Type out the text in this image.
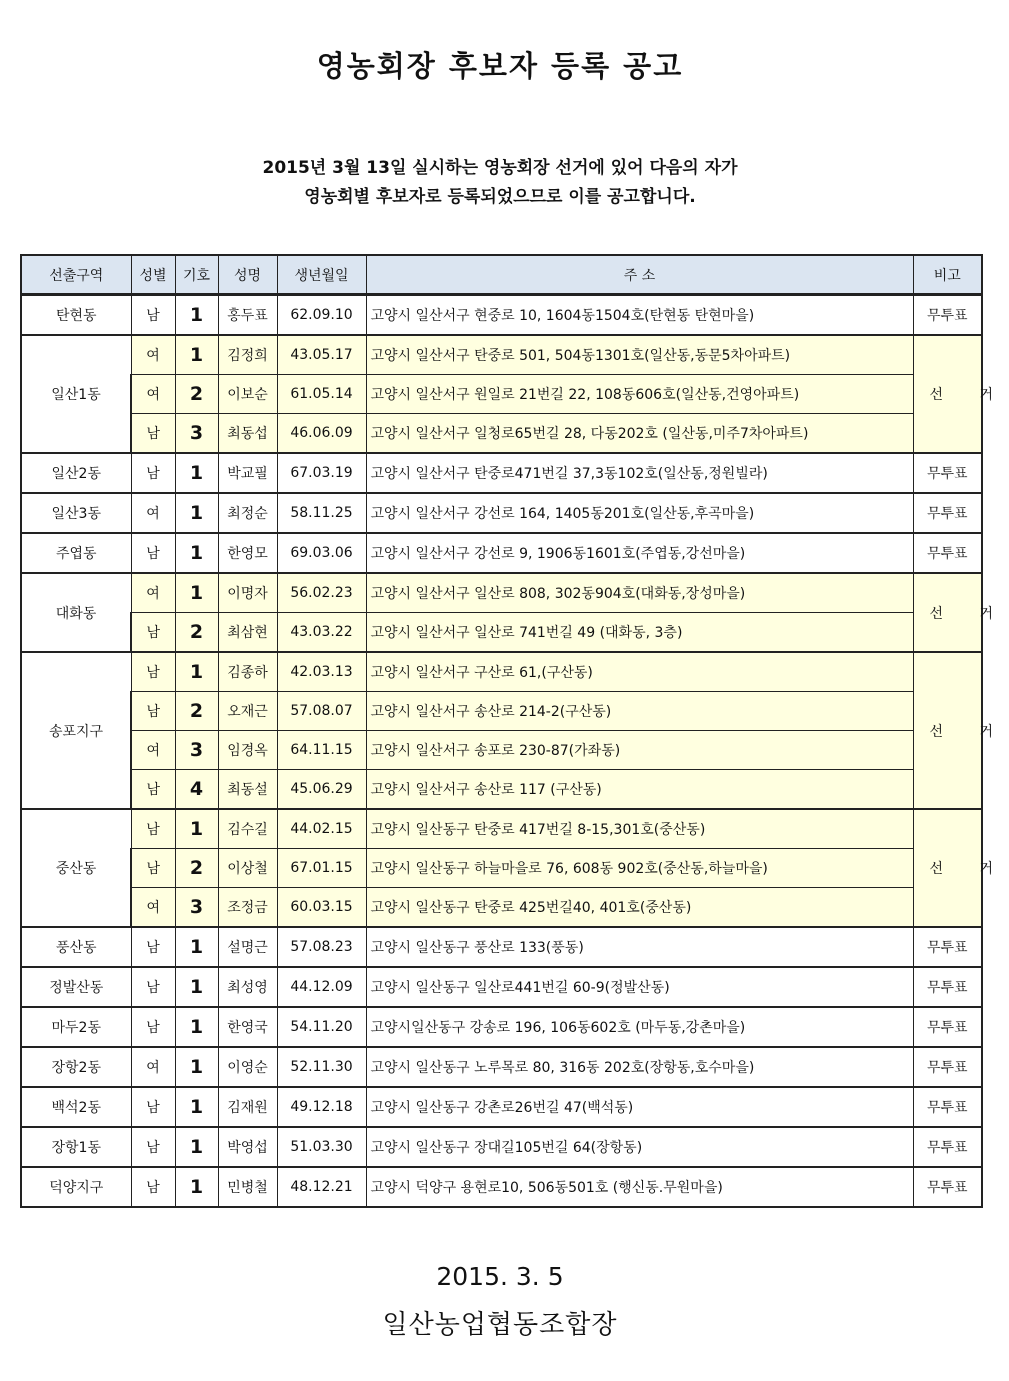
영농회장 후보자 등록 공고
2015년 3월 13일 실시하는 영농회장 선거에 있어 다음의 자가
영농회별 후보자로 등록되었으므로 이를 공고합니다.
선출구역	성별	기호	성명	생년월일	주 소	비고
탄현동	남	1	홍두표	62.09.10	고양시 일산서구 현중로 10, 1604동1504호(탄현동 탄현마을)	무투표
일산1동	여	1	김정희	43.05.17	고양시 일산서구 탄중로 501, 504동1301호(일산동,동문5차아파트)	선 거
	여	2	이보순	61.05.14	고양시 일산서구 원일로 21번길 22, 108동606호(일산동,건영아파트)	
	남	3	최동섭	46.06.09	고양시 일산서구 일청로65번길 28, 다동202호 (일산동,미주7차아파트)	
일산2동	남	1	박교필	67.03.19	고양시 일산서구 탄중로471번길 37,3동102호(일산동,정원빌라)	무투표
일산3동	여	1	최정순	58.11.25	고양시 일산서구 강선로 164, 1405동201호(일산동,후곡마을)	무투표
주엽동	남	1	한영모	69.03.06	고양시 일산서구 강선로 9, 1906동1601호(주엽동,강선마을)	무투표
대화동	여	1	이명자	56.02.23	고양시 일산서구 일산로 808, 302동904호(대화동,장성마을)	선 거
	남	2	최삼현	43.03.22	고양시 일산서구 일산로 741번길 49 (대화동, 3층)	
송포지구	남	1	김종하	42.03.13	고양시 일산서구 구산로 61,(구산동)	선 거
	남	2	오재근	57.08.07	고양시 일산서구 송산로 214-2(구산동)	
	여	3	임경옥	64.11.15	고양시 일산서구 송포로 230-87(가좌동)	
	남	4	최동설	45.06.29	고양시 일산서구 송산로 117 (구산동)	
중산동	남	1	김수길	44.02.15	고양시 일산동구 탄중로 417번길 8-15,301호(중산동)	선 거
	남	2	이상철	67.01.15	고양시 일산동구 하늘마을로 76, 608동 902호(중산동,하늘마을)	
	여	3	조정금	60.03.15	고양시 일산동구 탄중로 425번길40, 401호(중산동)	
풍산동	남	1	설명근	57.08.23	고양시 일산동구 풍산로 133(풍동)	무투표
정발산동	남	1	최성영	44.12.09	고양시 일산동구 일산로441번길 60-9(정발산동)	무투표
마두2동	남	1	한영국	54.11.20	고양시일산동구 강송로 196, 106동602호 (마두동,강촌마을)	무투표
장항2동	여	1	이영순	52.11.30	고양시 일산동구 노루목로 80, 316동 202호(장항동,호수마을)	무투표
백석2동	남	1	김재원	49.12.18	고양시 일산동구 강촌로26번길 47(백석동)	무투표
장항1동	남	1	박영섭	51.03.30	고양시 일산동구 장대길105번길 64(장항동)	무투표
덕양지구	남	1	민병철	48.12.21	고양시 덕양구 용현로10, 506동501호 (행신동.무원마을)	무투표
2015. 3. 5
일산농업협동조합장
